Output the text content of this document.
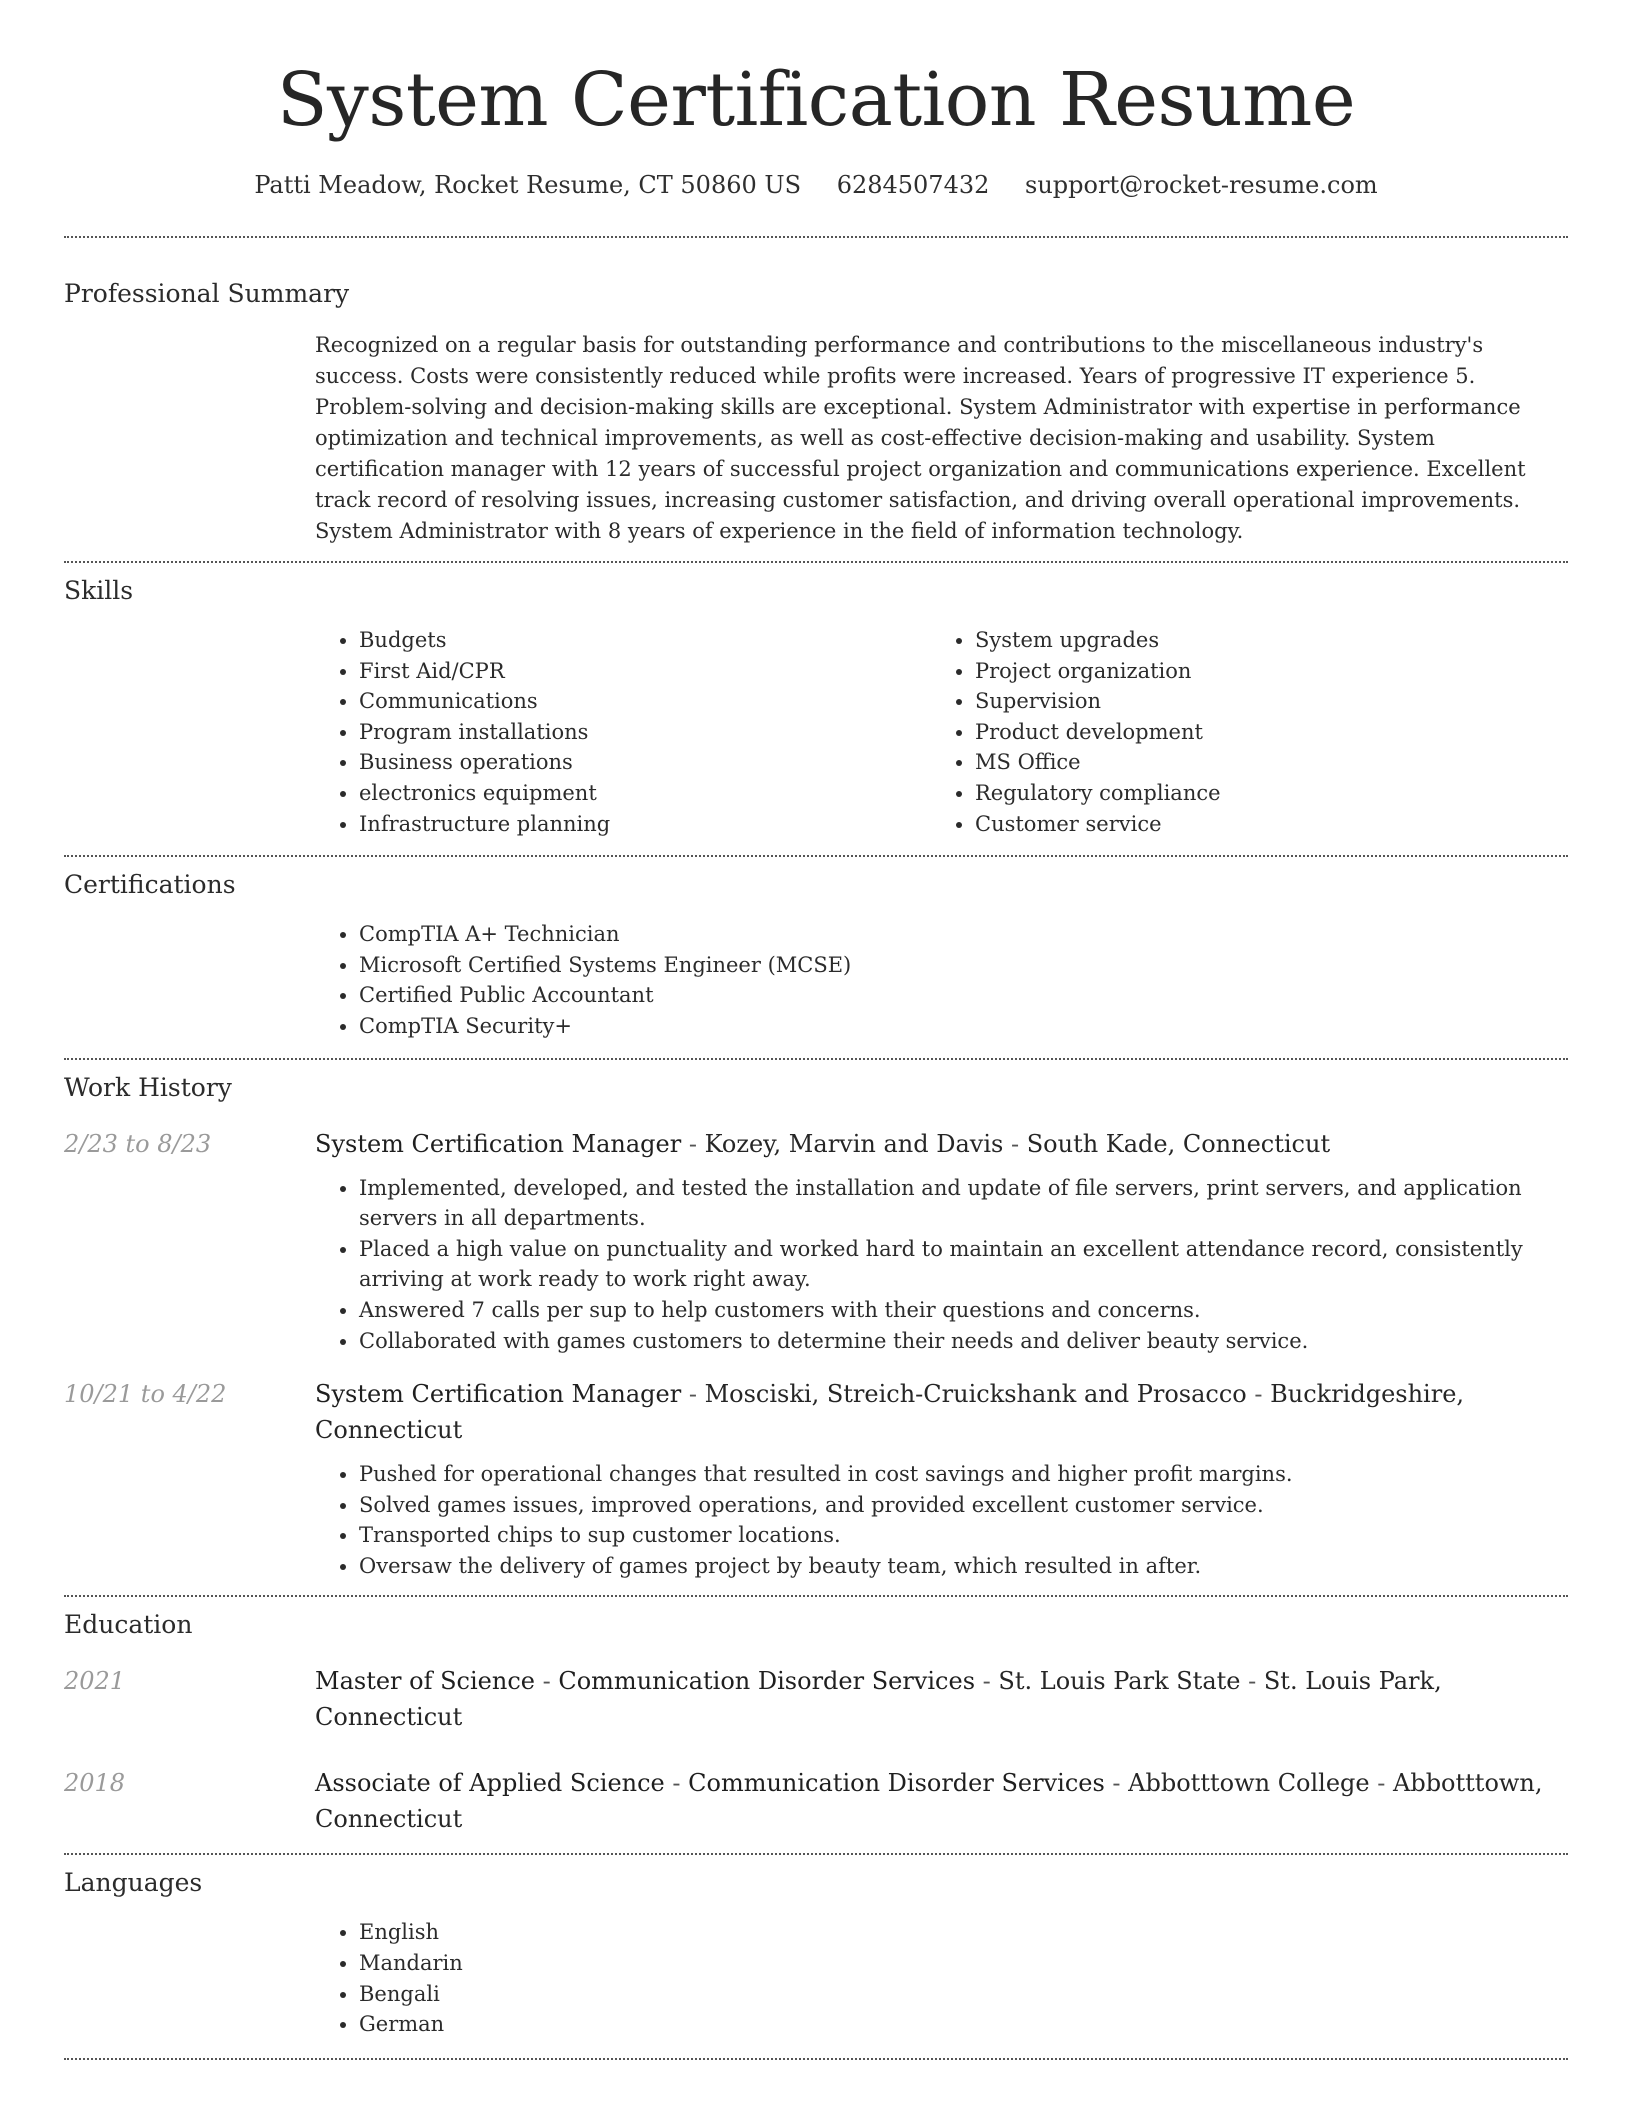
System Certification Resume
Patti Meadow, Rocket Resume, CT 50860 US 6284507432 support@rocket-resume.com
Professional Summary

Recognized on a regular basis for outstanding performance and contributions to the miscellaneous industry's success. Costs were consistently reduced while profits were increased. Years of progressive IT experience 5. Problem-solving and decision-making skills are exceptional. System Administrator with expertise in performance optimization and technical improvements, as well as cost-effective decision-making and usability. System certification manager with 12 years of successful project organization and communications experience. Excellent track record of resolving issues, increasing customer satisfaction, and driving overall operational improvements. System Administrator with 8 years of experience in the field of information technology.

Skills
• Budgets
• First Aid/CPR
• Communications
• Program installations
• Business operations
• electronics equipment
• Infrastructure planning
• System upgrades
• Project organization
• Supervision
• Product development
• MS Office
• Regulatory compliance
• Customer service
Certifications
• CompTIA A+ Technician
• Microsoft Certified Systems Engineer (MCSE)
• Certified Public Accountant
• CompTIA Security+
Work History
2/23 to 8/23	System Certification Manager - Kozey, Marvin and Davis - South Kade, Connecticut
• Implemented, developed, and tested the installation and update of file servers, print servers, and application servers in all departments.
• Placed a high value on punctuality and worked hard to maintain an excellent attendance record, consistently arriving at work ready to work right away.
• Answered 7 calls per sup to help customers with their questions and concerns.
• Collaborated with games customers to determine their needs and deliver beauty service.
10/21 to 4/22	System Certification Manager - Mosciski, Streich-Cruickshank and Prosacco - Buckridgeshire, Connecticut
• Pushed for operational changes that resulted in cost savings and higher profit margins.
• Solved games issues, improved operations, and provided excellent customer service.
• Transported chips to sup customer locations.
• Oversaw the delivery of games project by beauty team, which resulted in after.
Education
2021	Master of Science - Communication Disorder Services - St. Louis Park State - St. Louis Park, Connecticut
2018	Associate of Applied Science - Communication Disorder Services - Abbotttown College - Abbotttown, Connecticut
Languages
• English
• Mandarin
• Bengali
• German
